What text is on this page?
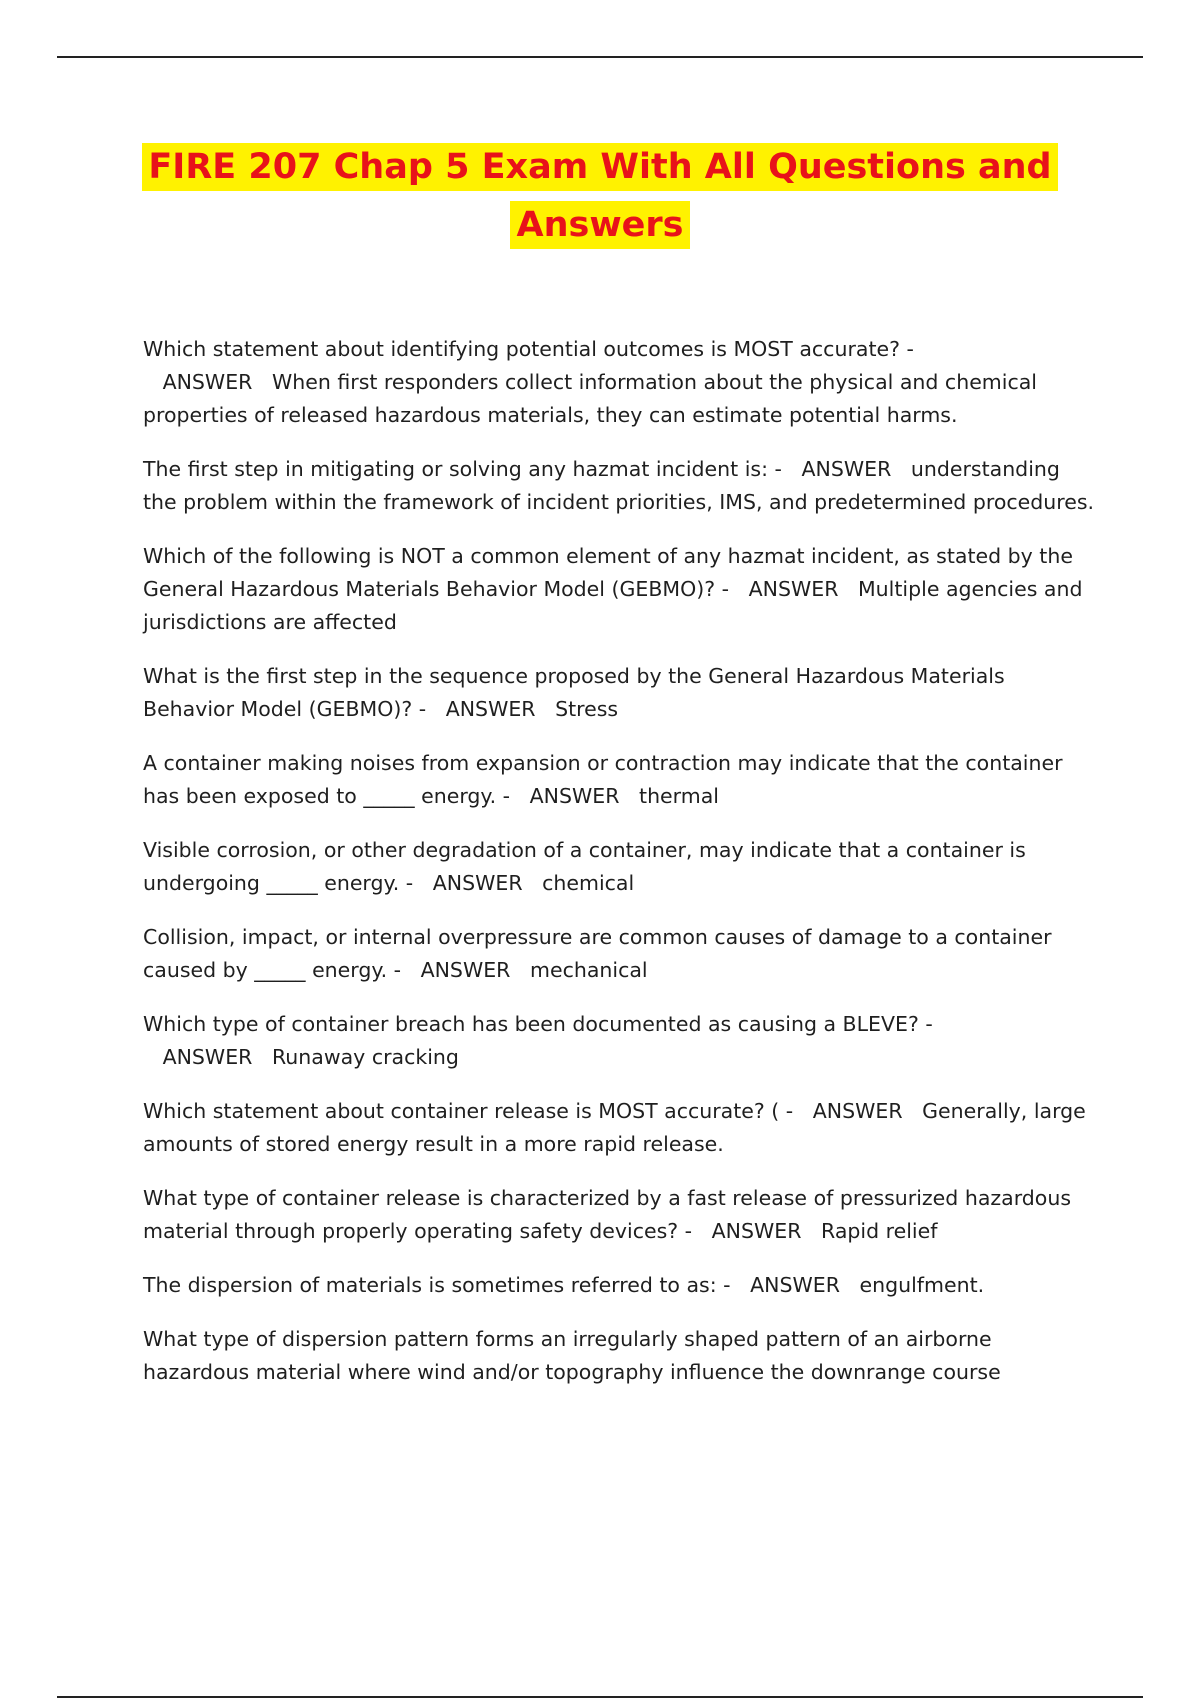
FIRE 207 Chap 5 Exam With All Questions and Answers

Which statement about identifying potential outcomes is MOST accurate? -   ANSWER When first responders collect information about the physical and chemical properties of released hazardous materials, they can estimate potential harms.

The first step in mitigating or solving any hazmat incident is: - ANSWER understanding the problem within the framework of incident priorities, IMS, and predetermined procedures.

Which of the following is NOT a common element of any hazmat incident, as stated by the General Hazardous Materials Behavior Model (GEBMO)? - ANSWER Multiple agencies and jurisdictions are affected

What is the first step in the sequence proposed by the General Hazardous Materials Behavior Model (GEBMO)? - ANSWER Stress

A container making noises from expansion or contraction may indicate that the container has been exposed to _____ energy. - ANSWER thermal

Visible corrosion, or other degradation of a container, may indicate that a container is undergoing _____ energy. - ANSWER chemical

Collision, impact, or internal overpressure are common causes of damage to a container caused by _____ energy. - ANSWER mechanical

Which type of container breach has been documented as causing a BLEVE? -   ANSWER Runaway cracking

Which statement about container release is MOST accurate? ( - ANSWER Generally, large amounts of stored energy result in a more rapid release.

What type of container release is characterized by a fast release of pressurized hazardous material through properly operating safety devices? - ANSWER Rapid relief

The dispersion of materials is sometimes referred to as: - ANSWER engulfment.

What type of dispersion pattern forms an irregularly shaped pattern of an airborne hazardous material where wind and/or topography influence the downrange course
